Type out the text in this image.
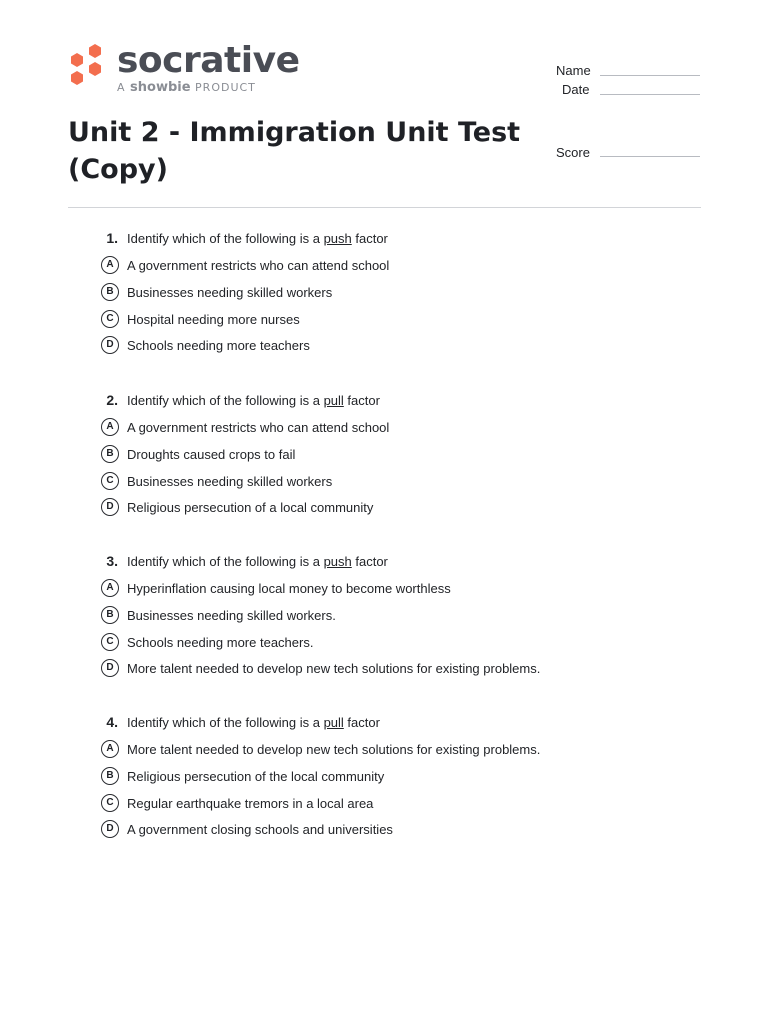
socrative
A showbie PRODUCT
Name
Date
Score
Unit 2 - Immigration Unit Test (Copy)
1. Identify which of the following is a push factor
A	A government restricts who can attend school
B	Businesses needing skilled workers
C	Hospital needing more nurses
D	Schools needing more teachers
2. Identify which of the following is a pull factor
A	A government restricts who can attend school
B	Droughts caused crops to fail
C	Businesses needing skilled workers
D	Religious persecution of a local community
3. Identify which of the following is a push factor
A	Hyperinflation causing local money to become worthless
B	Businesses needing skilled workers.
C	Schools needing more teachers.
D	More talent needed to develop new tech solutions for existing problems.
4. Identify which of the following is a pull factor
A	More talent needed to develop new tech solutions for existing problems.
B	Religious persecution of the local community
C	Regular earthquake tremors in a local area
D	A government closing schools and universities
